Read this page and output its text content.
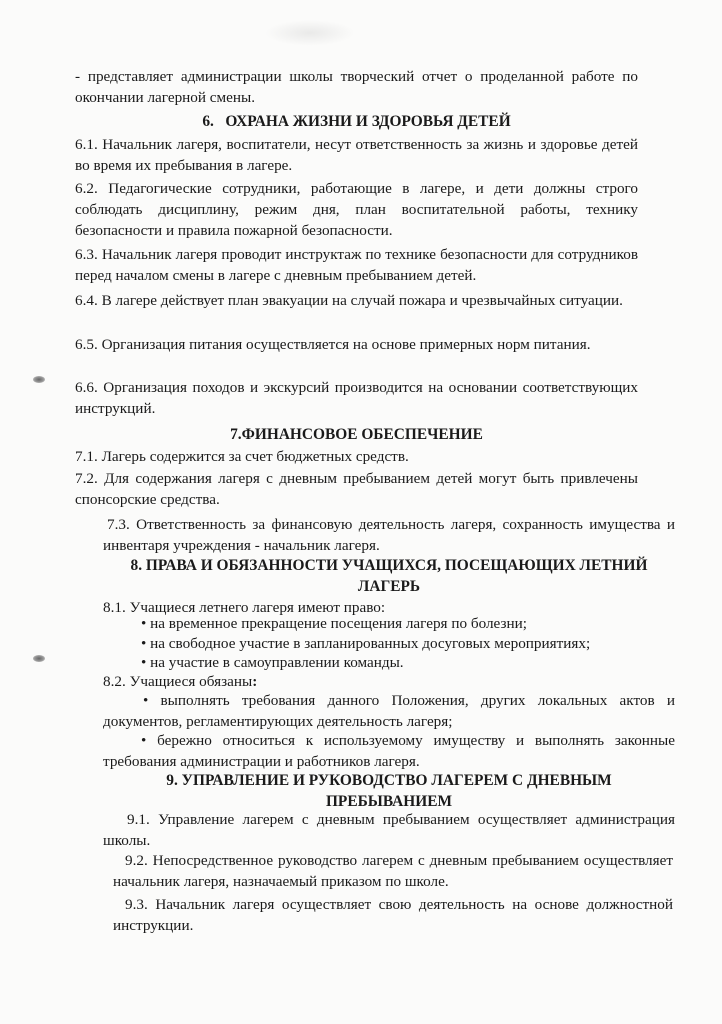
- представляет администрации школы творческий отчет о проделанной работе по окончании лагерной смены.

6.   ОХРАНА ЖИЗНИ И ЗДОРОВЬЯ ДЕТЕЙ

6.1. Начальник лагеря, воспитатели, несут ответственность за жизнь и здоровье детей во время их пребывания в лагере.

6.2. Педагогические сотрудники, работающие в лагере, и дети должны строго соблюдать дисциплину, режим дня, план воспитательной работы, технику безопасности и правила пожарной безопасности.

6.3. Начальник лагеря проводит инструктаж по технике безопасности для сотрудников перед началом смены в лагере с дневным пребыванием детей.

6.4. В лагере действует план эвакуации на случай пожара и чрезвычайных ситуации.

6.5. Организация питания осуществляется на основе примерных норм питания.

6.6. Организация походов и экскурсий производится на основании соответствующих инструкций.

7.ФИНАНСОВОЕ ОБЕСПЕЧЕНИЕ

7.1. Лагерь содержится за счет бюджетных средств.

7.2. Для содержания лагеря с дневным пребыванием детей могут быть привлечены спонсорские средства.

7.3. Ответственность за финансовую деятельность лагеря, сохранность имущества и инвентаря учреждения - начальник лагеря.

8. ПРАВА И ОБЯЗАННОСТИ УЧАЩИХСЯ, ПОСЕЩАЮЩИХ ЛЕТНИЙ ЛАГЕРЬ

8.1. Учащиеся летнего лагеря имеют право:

• на временное прекращение посещения лагеря по болезни;

• на свободное участие в запланированных досуговых мероприятиях;

• на участие в самоуправлении команды.

8.2. Учащиеся обязаны:

• выполнять требования данного Положения, других локальных актов и документов, регламентирующих деятельность лагеря;

• бережно относиться к используемому имуществу и выполнять законные требования администрации и работников лагеря.

9. УПРАВЛЕНИЕ И РУКОВОДСТВО ЛАГЕРЕМ С ДНЕВНЫМ ПРЕБЫВАНИЕМ

9.1. Управление лагерем с дневным пребыванием осуществляет администрация школы.

9.2. Непосредственное руководство лагерем с дневным пребыванием осуществляет начальник лагеря, назначаемый приказом по школе.

9.3. Начальник лагеря осуществляет свою деятельность на основе должностной инструкции.
